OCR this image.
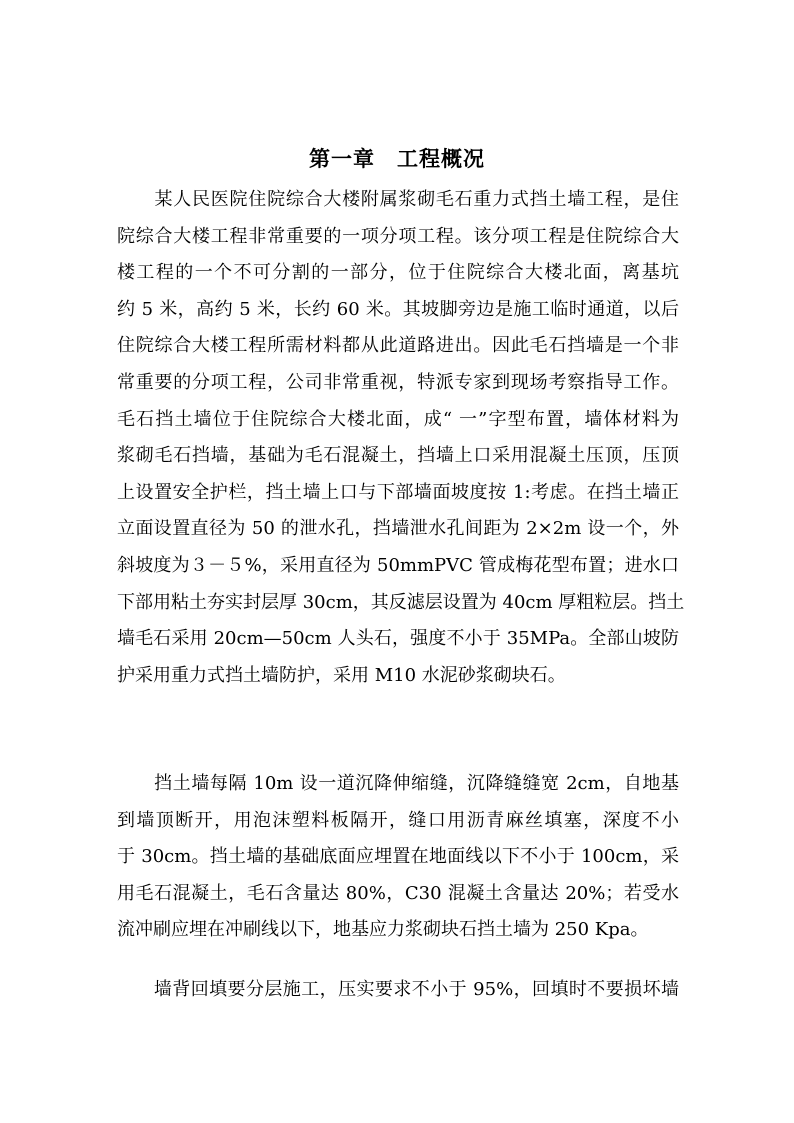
第一章　工程概况
　　某人民医院住院综合大楼附属浆砌毛石重力式挡土墙工程，是住
院综合大楼工程非常重要的一项分项工程。该分项工程是住院综合大
楼工程的一个不可分割的一部分，位于住院综合大楼北面，离基坑
约 5 米，高约 5 米，长约 60 米。其坡脚旁边是施工临时通道，以后
住院综合大楼工程所需材料都从此道路进出。因此毛石挡墙是一个非
常重要的分项工程，公司非常重视，特派专家到现场考察指导工作。
毛石挡土墙位于住院综合大楼北面，成“ 一”字型布置，墙体材料为
浆砌毛石挡墙，基础为毛石混凝土，挡墙上口采用混凝土压顶，压顶
上设置安全护栏，挡土墙上口与下部墙面坡度按 1:考虑。在挡土墙正
立面设置直径为 50 的泄水孔，挡墙泄水孔间距为 2×2m 设一个，外
斜坡度为３－５%，采用直径为 50mmPVC 管成梅花型布置；进水口
下部用粘土夯实封层厚 30cm，其反滤层设置为 40cm 厚粗粒层。挡土
墙毛石采用 20cm—50cm 人头石，强度不小于 35MPa。全部山坡防
护采用重力式挡土墙防护，采用 M10 水泥砂浆砌块石。
　　挡土墙每隔 10m 设一道沉降伸缩缝，沉降缝缝宽 2cm，自地基
到墙顶断开，用泡沫塑料板隔开，缝口用沥青麻丝填塞，深度不小
于 30cm。挡土墙的基础底面应埋置在地面线以下不小于 100cm，采
用毛石混凝土，毛石含量达 80%，C30 混凝土含量达 20%；若受水
流冲刷应埋在冲刷线以下，地基应力浆砌块石挡土墙为 250 Kpa。
　　墙背回填要分层施工，压实要求不小于 95%，回填时不要损坏墙
